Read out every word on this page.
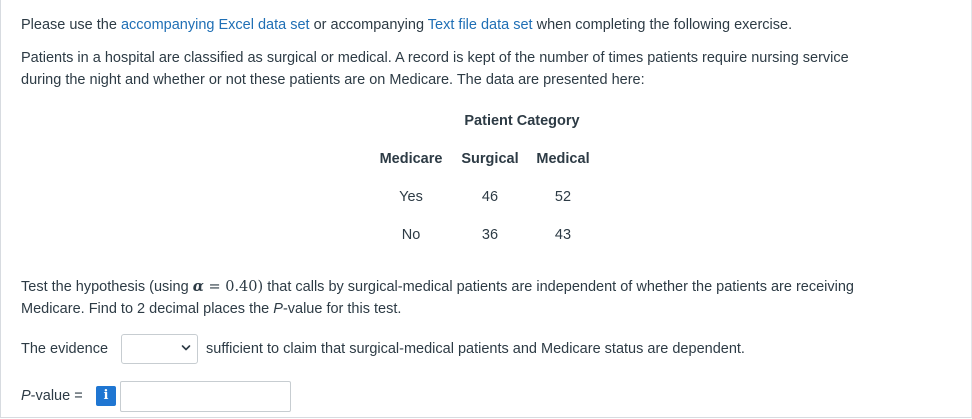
Please use the accompanying Excel data set or accompanying Text file data set when completing the following exercise.
Patients in a hospital are classified as surgical or medical. A record is kept of the number of times patients require nursing service
during the night and whether or not these patients are on Medicare. The data are presented here:
Patient Category
Medicare Surgical Medical
Yes	46	52
No	36	43
Test the hypothesis (using α = 0.40) that calls by surgical-medical patients are independent of whether the patients are receiving
Medicare. Find to 2 decimal places the P-value for this test.
The evidence	sufficient to claim that surgical-medical patients and Medicare status are dependent.
P-value =	i
